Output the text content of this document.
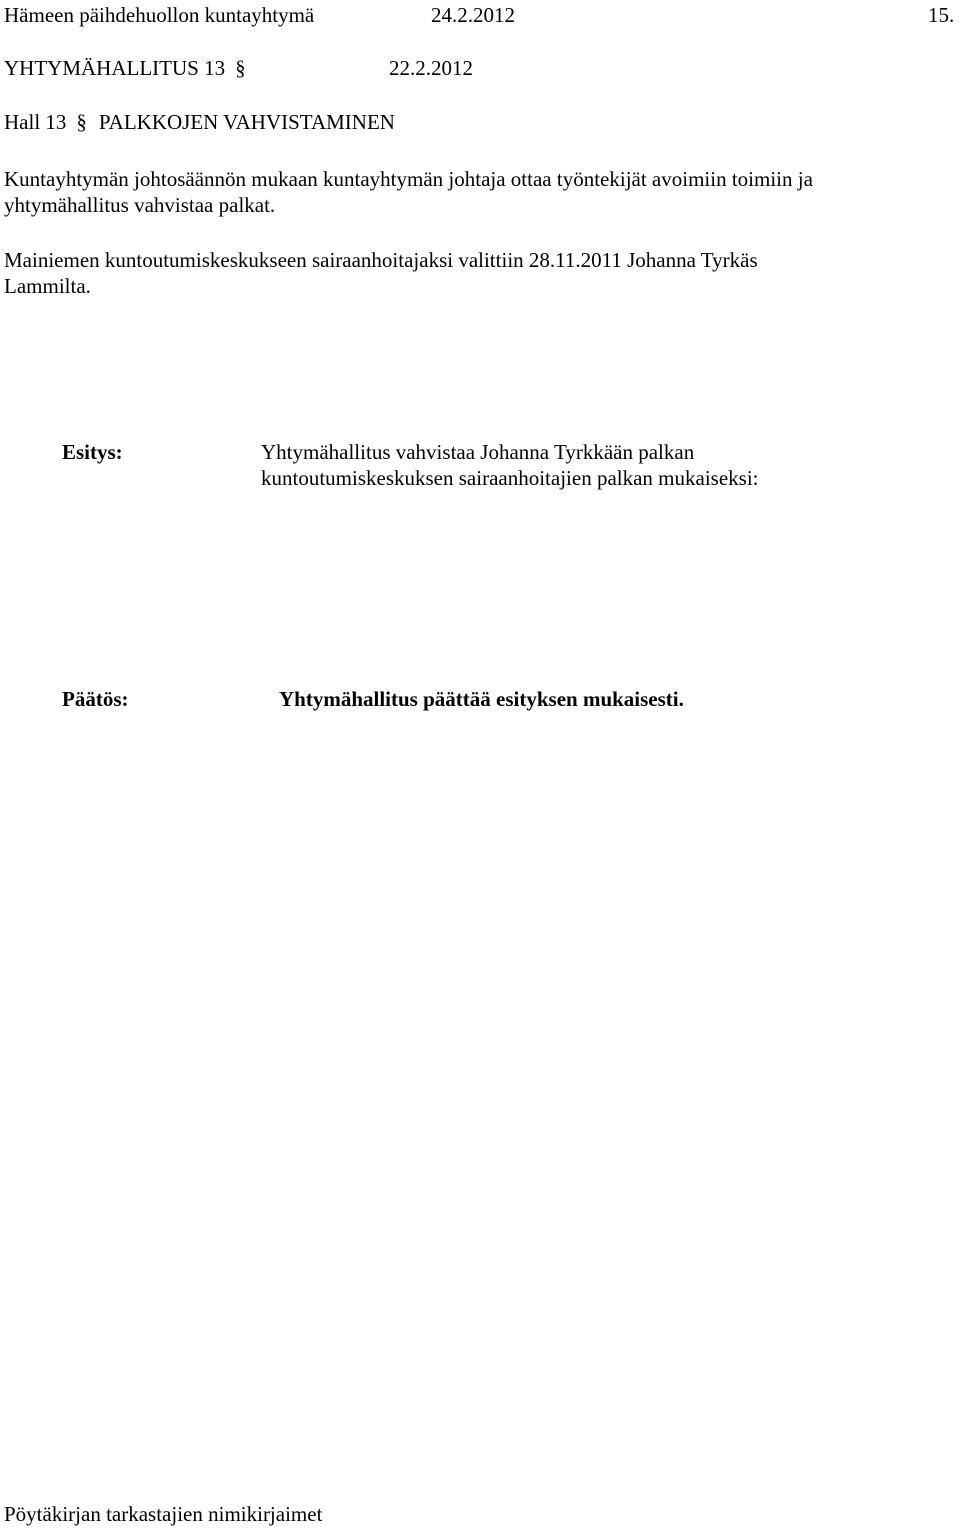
Hämeen päihdehuollon kuntayhtymä	24.2.2012	15.
YHTYMÄHALLITUS 13 §	22.2.2012
Hall 13 § PALKKOJEN VAHVISTAMINEN
Kuntayhtymän johtosäännön mukaan kuntayhtymän johtaja ottaa työntekijät avoimiin toimiin ja
yhtymähallitus vahvistaa palkat.
Mainiemen kuntoutumiskeskukseen sairaanhoitajaksi valittiin 28.11.2011 Johanna Tyrkäs
Lammilta.
Esitys:	Yhtymähallitus vahvistaa Johanna Tyrkkään palkan
kuntoutumiskeskuksen sairaanhoitajien palkan mukaiseksi:
Päätös:	Yhtymähallitus päättää esityksen mukaisesti.
Pöytäkirjan tarkastajien nimikirjaimet
